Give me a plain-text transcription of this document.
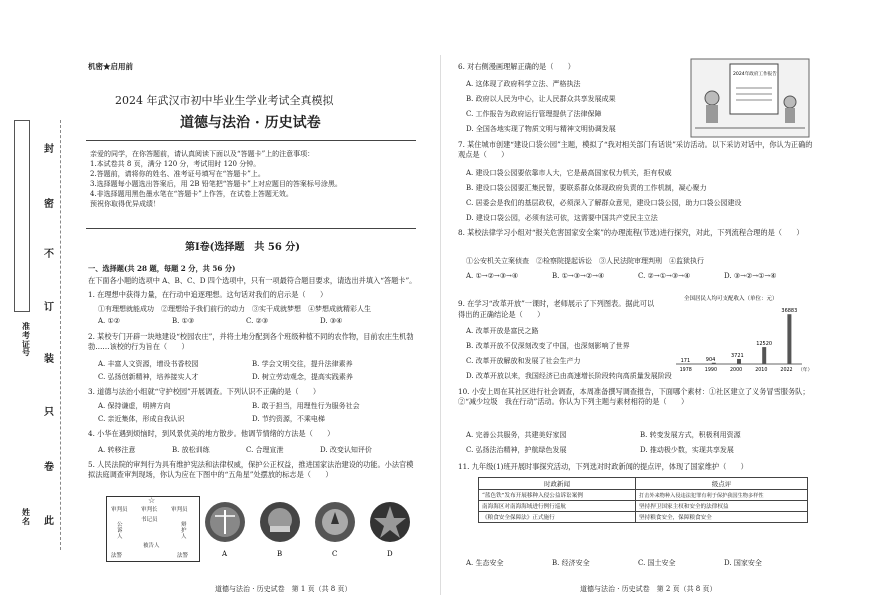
封
密
不
订
装
只
卷
此
准考证号
姓名
机密★启用前
2024 年武汉市初中毕业生学业考试全真模拟
道德与法治 · 历史试卷
亲爱的同学，在你答题前，请认真阅读下面以及“答题卡”上的注意事项：
1.本试卷共 8 页，满分 120 分，考试用时 120 分钟。
2.答题前，请将你的姓名、准考证号填写在“答题卡”上。
3.选择题每小题选出答案后，用 2B 铅笔把“答题卡”上对应题目的答案标号涂黑。
4.非选择题用黑色墨水笔在“答题卡”上作答，在试卷上答题无效。
预祝你取得优异成绩！
第Ⅰ卷(选择题　共 56 分)
一、选择题(共 28 题，每题 2 分，共 56 分)
在下面各小题的选项中 A、B、C、D 四个选项中，只有一项最符合题目要求，请选出并填入“答题卡”。
1. 在理想中获得力量，在行动中追逐理想。这句话对我们的启示是（　　）
①有理想就能成功　②理想给予我们前行的动力　③实干成就梦想　④梦想成就精彩人生
A. ①②	B. ①③	C. ②③	D. ③④
2. 某校专门开辟一块地建设“校园农庄”，并将土地分配到各个班级种植不同的农作物，目前农庄生机勃勃……该校的行为旨在（　　）
A. 丰富人文资源，增设书香校园	B. 学会文明交往，提升法律素养
C. 弘扬创新精神，培养接实人才	D. 树立劳动观念，提高实践素养
3. 道德与法治小组就“守护校园”开展调查。下列认识不正确的是（　　）
A. 保持谦虚，明辨方向	B. 敢于担当，用理性行为服务社会
C. 亲近集体，形成自我认识	D. 节约资源，不乘电梯
4. 小华在遇到烦恼时，到风景优美的地方散步。他调节情绪的方法是（　　）
A. 转移注意	B. 放松训练	C. 合理宣泄	D. 改变认知评价
5. 人民法院的审判行为具有维护宪法和法律权威，保护公正权益，推进国家法治建设的功能。小法官模拟法庭调查审判现场，你认为应在下图中的“五角星”处摆放的标志是（　　）
☆
审判员 审判长 审判员
书记员
公诉人
辩护人
被告人
法警	法警	A	B	C	D
道德与法治 · 历史试卷　第 1 页（共 8 页）
6. 对右侧漫画理解正确的是（　　）
A. 这体现了政府科学立法、严格执法
B. 政府以人民为中心，让人民群众共享发展成果
C. 工作报告为政府运行管理提供了法律保障
D. 全国各地实现了物质文明与精神文明协调发展
2024年政府工作报告
7. 某住城市创建“建设口袋公园”主题，模拟了“我对相关部门有话说”采访活动。以下采访对话中，你认为正确的观点是（　　）
A. 建设口袋公园要依靠市人大，它是最高国家权力机关，拒有权威
B. 建设口袋公园要汇集民智，要联系群众体现政府负责的工作机制，凝心聚力
C. 居委会是我们的基层政权，必须深入了解群众意见，建设口袋公园，助力口袋公园建设
D. 建设口袋公园，必须有法可依，这需要中国共产党民主立法
8. 某校法律学习小组对“报关危害国家安全案”的办理流程(节选)进行探究，对此，下列流程合理的是（　　）
①公安机关立案侦查　②检察院提起诉讼　③人民法院审理判刑　④监狱执行
A. ①→②→③→④	B. ①→③→②→④	C. ②→①→③→④	D. ③→②→①→④
9. 在学习“改革开放”一课时，老师展示了下列图表。据此可以得出的正确结论是（　　）
A. 改革开放是富民之路
B. 改革开放不仅深刻改变了中国，也深刻影响了世界
C. 改革开放解放和发展了社会生产力
D. 改革开放以来，我国经济已由高速增长阶段转向高质量发展阶段
全国居民人均可支配收入（单位：元）
171
1978
904
1990
3721
2000
12520
2010
36883
2022 （年）
10. 小安上周在其社区进行社会调查，本周准备撰写调查报告，下面哪个素材：①社区建立了义务冒雪服务队；②“减少垃圾　我在行动”活动。你认为下列主题与素材相符的是（　　）
A. 完善公共服务，共建美好家园	B. 转变发展方式，积极利用资源
C. 弘扬法治精神，护航绿色发展	D. 推动极少数，实现共享发展
11. 九年级(1)班开展时事探究活动，下列选对时政新闻的提点评，体现了国家维护（　　）
时政新闻	级点评
“蓝色铁”发布开展移种入侵公益诉讼案例	打击外来物种入侵违法犯罪有利于保护我国生物多样性
南海海区对南海海域进行例行巡航	坚持捍卫国家主权和安全的法律权益
《粮食安全保障法》正式施行	坚持粮食安全，保障粮食安全
A. 生态安全	B. 经济安全	C. 国土安全	D. 国家安全
道德与法治 · 历史试卷　第 2 页（共 8 页）
